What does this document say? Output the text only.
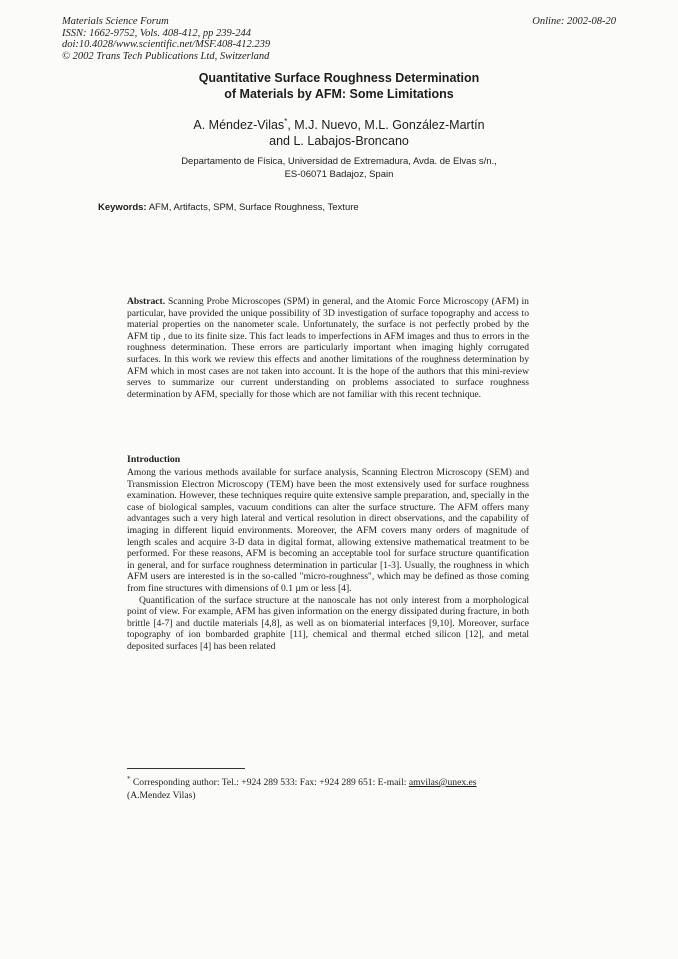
Materials Science Forum
ISSN: 1662-9752, Vols. 408-412, pp 239-244
doi:10.4028/www.scientific.net/MSF.408-412.239
© 2002 Trans Tech Publications Ltd, Switzerland
Online: 2002-08-20
Quantitative Surface Roughness Determination
of Materials by AFM: Some Limitations
A. Méndez-Vilas*, M.J. Nuevo, M.L. González-Martín
and L. Labajos-Broncano
Departamento de Física, Universidad de Extremadura, Avda. de Elvas s/n.,
ES-06071 Badajoz, Spain
Keywords: AFM, Artifacts, SPM, Surface Roughness, Texture
Abstract. Scanning Probe Microscopes (SPM) in general, and the Atomic Force Microscopy (AFM) in particular, have provided the unique possibility of 3D investigation of surface topography and access to material properties on the nanometer scale. Unfortunately, the surface is not perfectly probed by the AFM tip , due to its finite size. This fact leads to imperfections in AFM images and thus to errors in the roughness determination. These errors are particularly important when imaging highly corrugated surfaces. In this work we review this effects and another limitations of the roughness determination by AFM which in most cases are not taken into account. It is the hope of the authors that this mini-review serves to summarize our current understanding on problems associated to surface roughness determination by AFM, specially for those which are not familiar with this recent technique.
Introduction

Among the various methods available for surface analysis, Scanning Electron Microscopy (SEM) and Transmission Electron Microscopy (TEM) have been the most extensively used for surface roughness examination. However, these techniques require quite extensive sample preparation, and, specially in the case of biological samples, vacuum conditions can alter the surface structure. The AFM offers many advantages such a very high lateral and vertical resolution in direct observations, and the capability of imaging in different liquid environments. Moreover, the AFM covers many orders of magnitude of length scales and acquire 3-D data in digital format, allowing extensive mathematical treatment to be performed. For these reasons, AFM is becoming an acceptable tool for surface structure quantification in general, and for surface roughness determination in particular [1-3]. Usually, the roughness in which AFM users are interested is in the so-called "micro-roughness", which may be defined as those coming from fine structures with dimensions of 0.1 µm or less [4].

Quantification of the surface structure at the nanoscale has not only interest from a morphological point of view. For example, AFM has given information on the energy dissipated during fracture, in both brittle [4-7] and ductile materials [4,8], as well as on biomaterial interfaces [9,10]. Moreover, surface topography of ion bombarded graphite [11], chemical and thermal etched silicon [12], and metal deposited surfaces [4] has been related

* Corresponding author: Tel.: +924 289 533: Fax: +924 289 651: E-mail: amvilas@unex.es
(A.Mendez Vilas)
